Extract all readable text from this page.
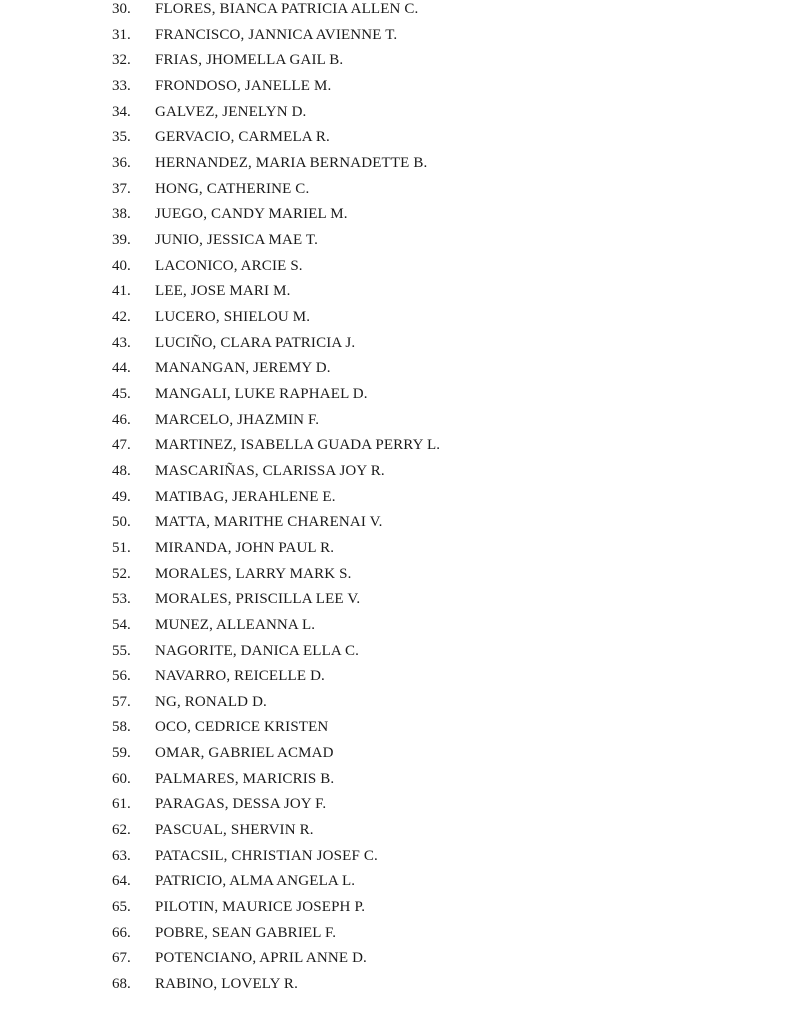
30. FLORES, BIANCA PATRICIA ALLEN C.
31. FRANCISCO, JANNICA AVIENNE T.
32. FRIAS, JHOMELLA GAIL B.
33. FRONDOSO, JANELLE M.
34. GALVEZ, JENELYN D.
35. GERVACIO, CARMELA R.
36. HERNANDEZ, MARIA BERNADETTE B.
37. HONG, CATHERINE C.
38. JUEGO, CANDY MARIEL M.
39. JUNIO, JESSICA MAE T.
40. LACONICO, ARCIE S.
41. LEE, JOSE MARI M.
42. LUCERO, SHIELOU M.
43. LUCIÑO, CLARA PATRICIA J.
44. MANANGAN, JEREMY D.
45. MANGALI, LUKE RAPHAEL D.
46. MARCELO, JHAZMIN F.
47. MARTINEZ, ISABELLA GUADA PERRY L.
48. MASCARIÑAS, CLARISSA JOY R.
49. MATIBAG, JERAHLENE E.
50. MATTA, MARITHE CHARENAI V.
51. MIRANDA, JOHN PAUL R.
52. MORALES, LARRY MARK S.
53. MORALES, PRISCILLA LEE V.
54. MUNEZ, ALLEANNA L.
55. NAGORITE, DANICA ELLA C.
56. NAVARRO, REICELLE D.
57. NG, RONALD D.
58. OCO, CEDRICE KRISTEN
59. OMAR, GABRIEL ACMAD
60. PALMARES, MARICRIS B.
61. PARAGAS, DESSA JOY F.
62. PASCUAL, SHERVIN R.
63. PATACSIL, CHRISTIAN JOSEF C.
64. PATRICIO, ALMA ANGELA L.
65. PILOTIN, MAURICE JOSEPH P.
66. POBRE, SEAN GABRIEL F.
67. POTENCIANO, APRIL ANNE D.
68. RABINO, LOVELY R.
